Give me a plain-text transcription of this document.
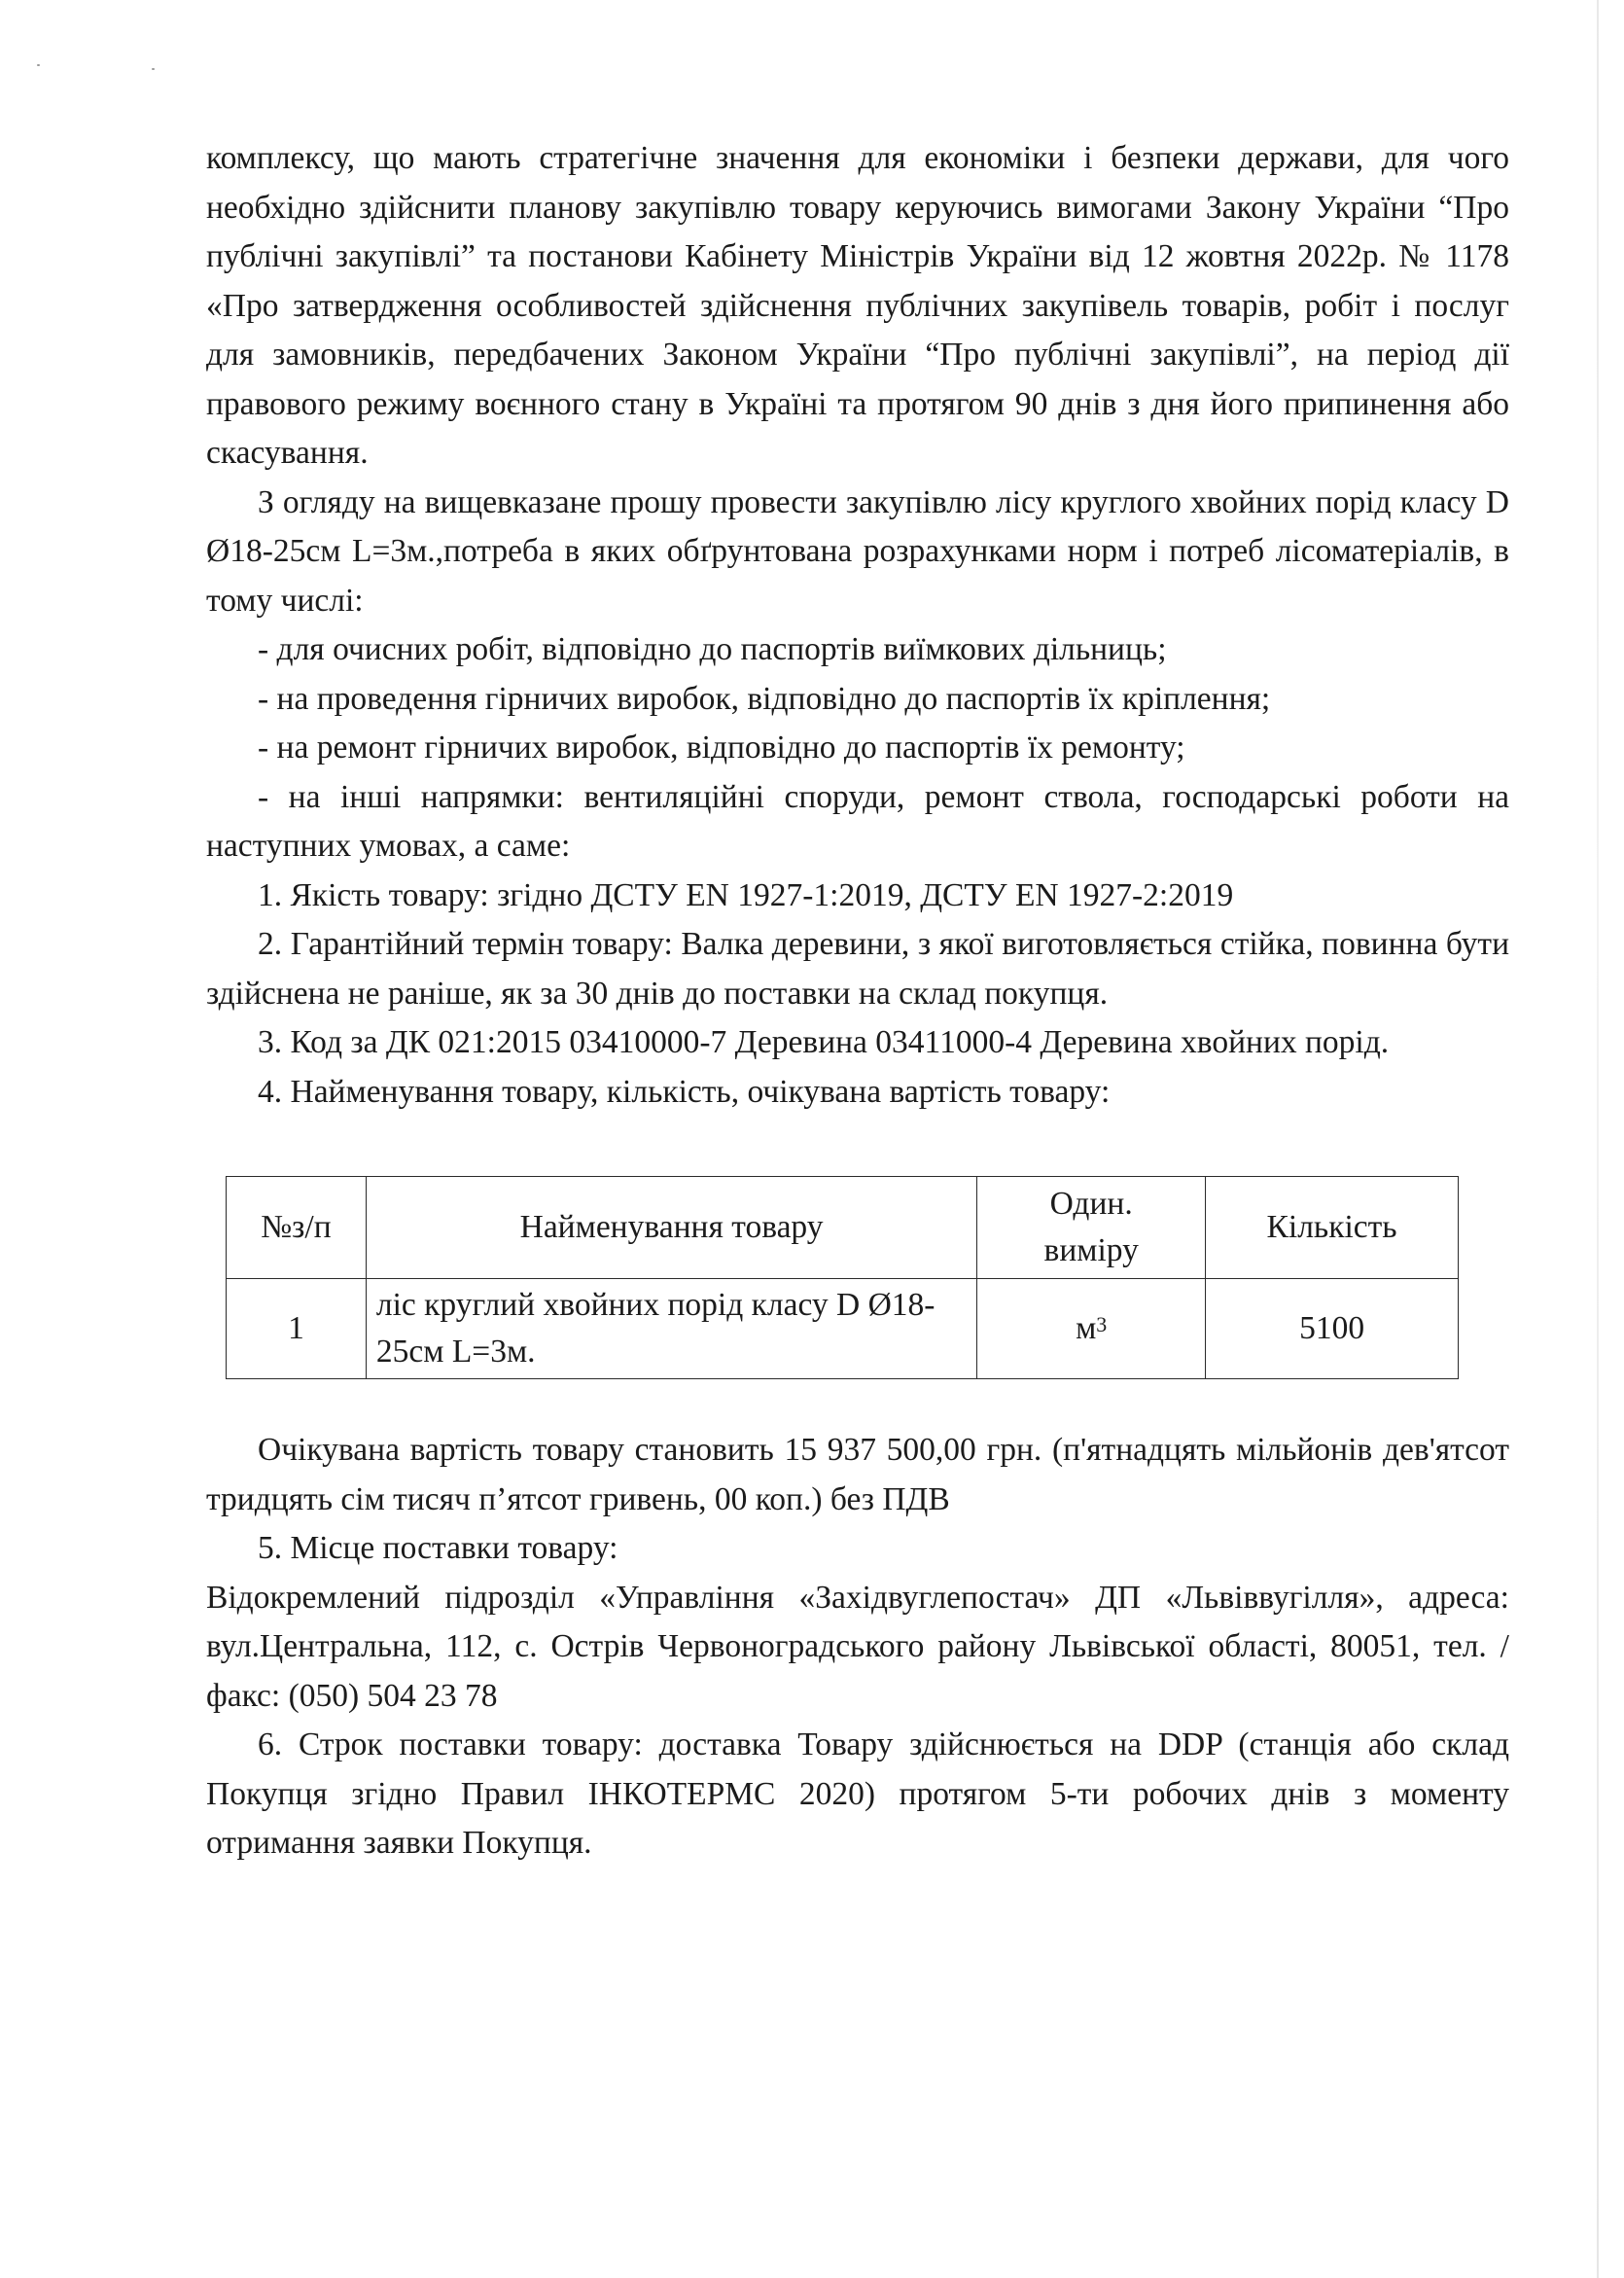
комплексу, що мають стратегічне значення для економіки і безпеки держави, для чого необхідно здійснити планову закупівлю товару керуючись вимогами Закону України “Про публічні закупівлі” та постанови Кабінету Міністрів України від 12 жовтня 2022р. № 1178 «Про затвердження особливостей здійснення публічних закупівель товарів, робіт і послуг для замовників, передбачених Законом України “Про публічні закупівлі”, на період дії правового режиму воєнного стану в Україні та протягом 90 днів з дня його припинення або скасування.

З огляду на вищевказане прошу провести закупівлю лісу круглого хвойних порід класу D Ø18-25см L=3м.,потреба в яких обґрунтована розрахунками норм і потреб лісоматеріалів, в тому числі:

- для очисних робіт, відповідно до паспортів виїмкових дільниць;

- на проведення гірничих виробок, відповідно до паспортів їх кріплення;

- на ремонт гірничих виробок, відповідно до паспортів їх ремонту;

- на інші напрямки: вентиляційні споруди, ремонт ствола, господарські роботи на наступних умовах, а саме:

1. Якість товару: згідно ДСТУ EN 1927-1:2019, ДСТУ EN 1927-2:2019

2. Гарантійний термін товару: Валка деревини, з якої виготовляється стійка, повинна бути здійснена не раніше, як за 30 днів до поставки на склад покупця.

3. Код за ДК 021:2015 03410000-7 Деревина 03411000-4 Деревина хвойних порід.

4. Найменування товару, кількість, очікувана вартість товару:

№з/п	Найменування товару	Один. виміру	Кількість
1	ліс круглий хвойних порід класу D Ø18-25см L=3м.	$м^3$	5100

Очікувана вартість товару становить 15 937 500,00 грн. (п'ятнадцять мільйонів дев'ятсот тридцять сім тисяч п’ятсот гривень, 00 коп.) без ПДВ

5. Місце поставки товару:

Відокремлений підрозділ «Управління «Західвуглепостач» ДП «Львіввугілля», адреса: вул.Центральна, 112, с. Острів Червоноградського району Львівської області, 80051, тел. /факс: (050) 504 23 78

6. Строк поставки товару: доставка Товару здійснюється на DDP (станція або склад Покупця згідно Правил ІНКОТЕРМС 2020) протягом 5-ти робочих днів з моменту отримання заявки Покупця.
